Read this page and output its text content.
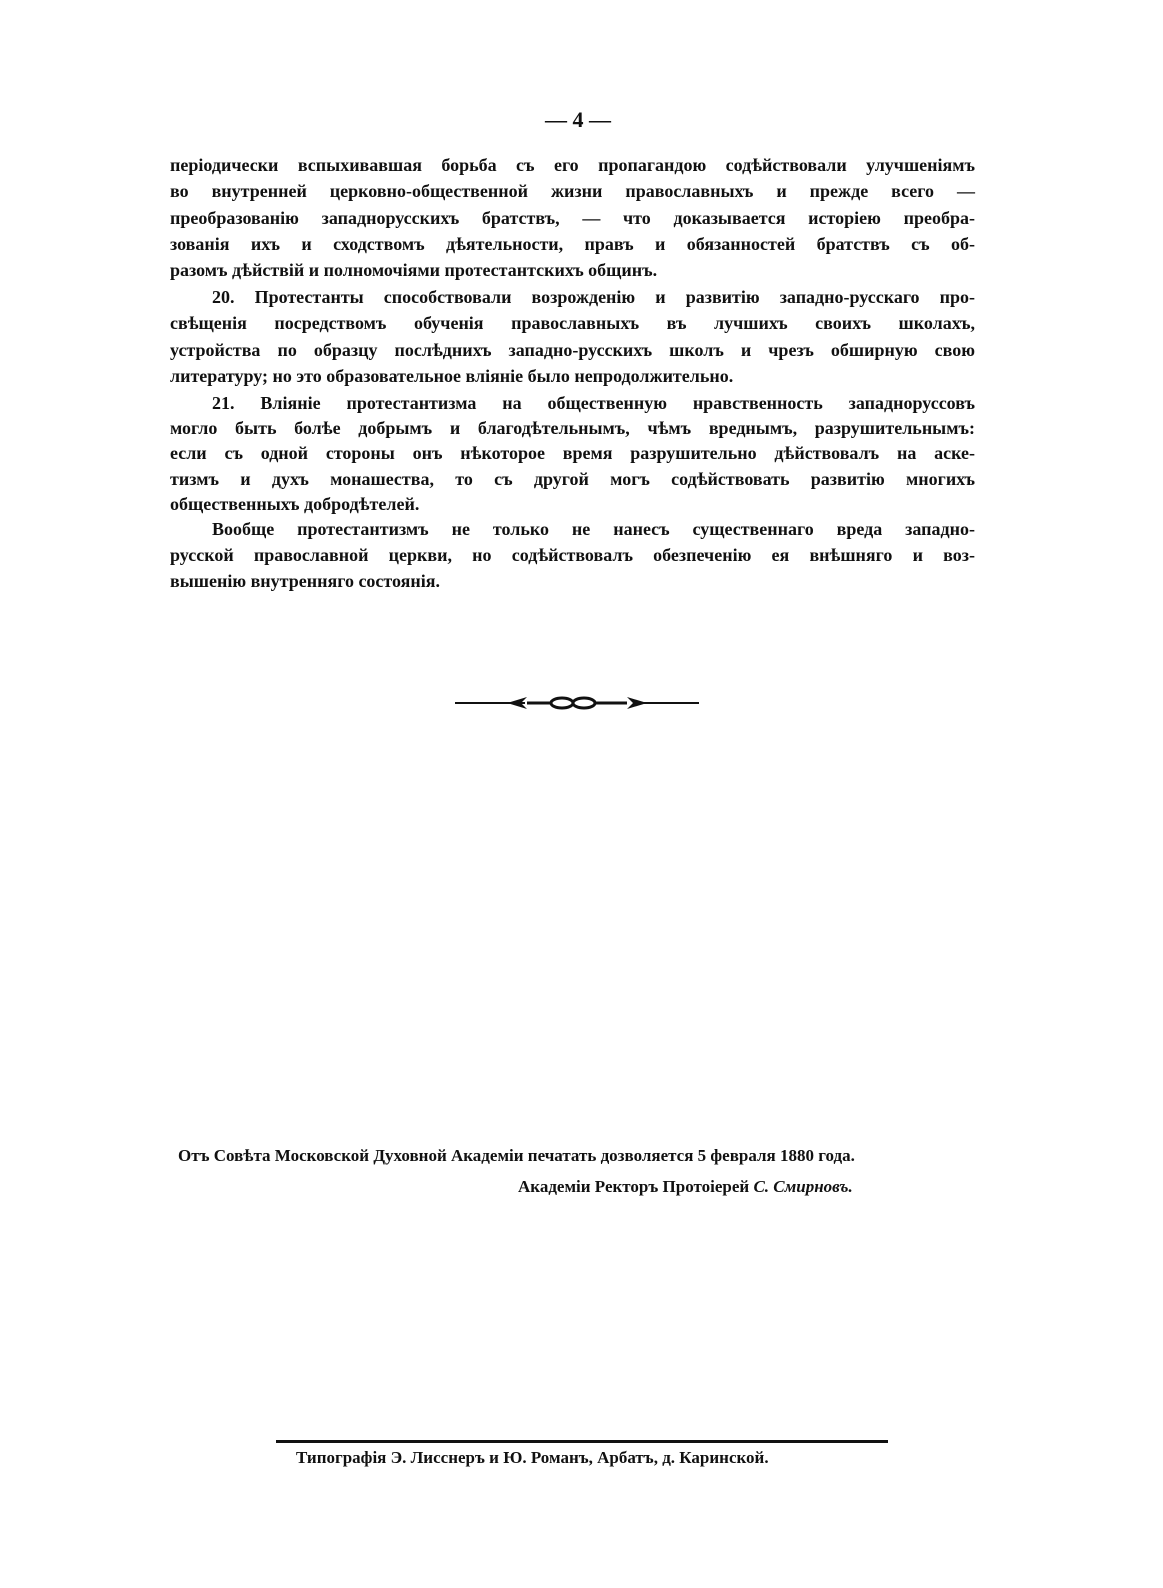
— 4 —
періодически вспыхивавшая борьба съ его пропагандою содѣйствовали улучшеніямъ
во внутренней церковно-общественной жизни православныхъ и прежде всего —
преобразованію западнорусскихъ братствъ, — что доказывается исторіею преобра-
зованія ихъ и сходствомъ дѣятельности, правъ и обязанностей братствъ съ об-
разомъ дѣйствій и полномочіями протестантскихъ общинъ.
20. Протестанты способствовали возрожденію и развитію западно-русскаго про-
свѣщенія посредствомъ обученія православныхъ въ лучшихъ своихъ школахъ,
устройства по образцу послѣднихъ западно-русскихъ школъ и чрезъ обширную свою
литературу; но это образовательное вліяніе было непродолжительно.
21. Вліяніе протестантизма на общественную нравственность западноруссовъ
могло быть болѣе добрымъ и благодѣтельнымъ, чѣмъ вреднымъ, разрушительнымъ:
если съ одной стороны онъ нѣкоторое время разрушительно дѣйствовалъ на аске-
тизмъ и духъ монашества, то съ другой могъ содѣйствовать развитію многихъ
общественныхъ добродѣтелей.
Вообще протестантизмъ не только не нанесъ существеннаго вреда западно-
русской православной церкви, но содѣйствовалъ обезпеченію ея внѣшняго и воз-
вышенію внутренняго состоянія.
Отъ Совѣта Московской Духовной Академіи печатать дозволяется 5 февраля 1880 года.
Академіи Ректоръ Протоіерей С. Смирновъ.
Типографія Э. Лисснеръ и Ю. Романъ, Арбатъ, д. Каринской.
